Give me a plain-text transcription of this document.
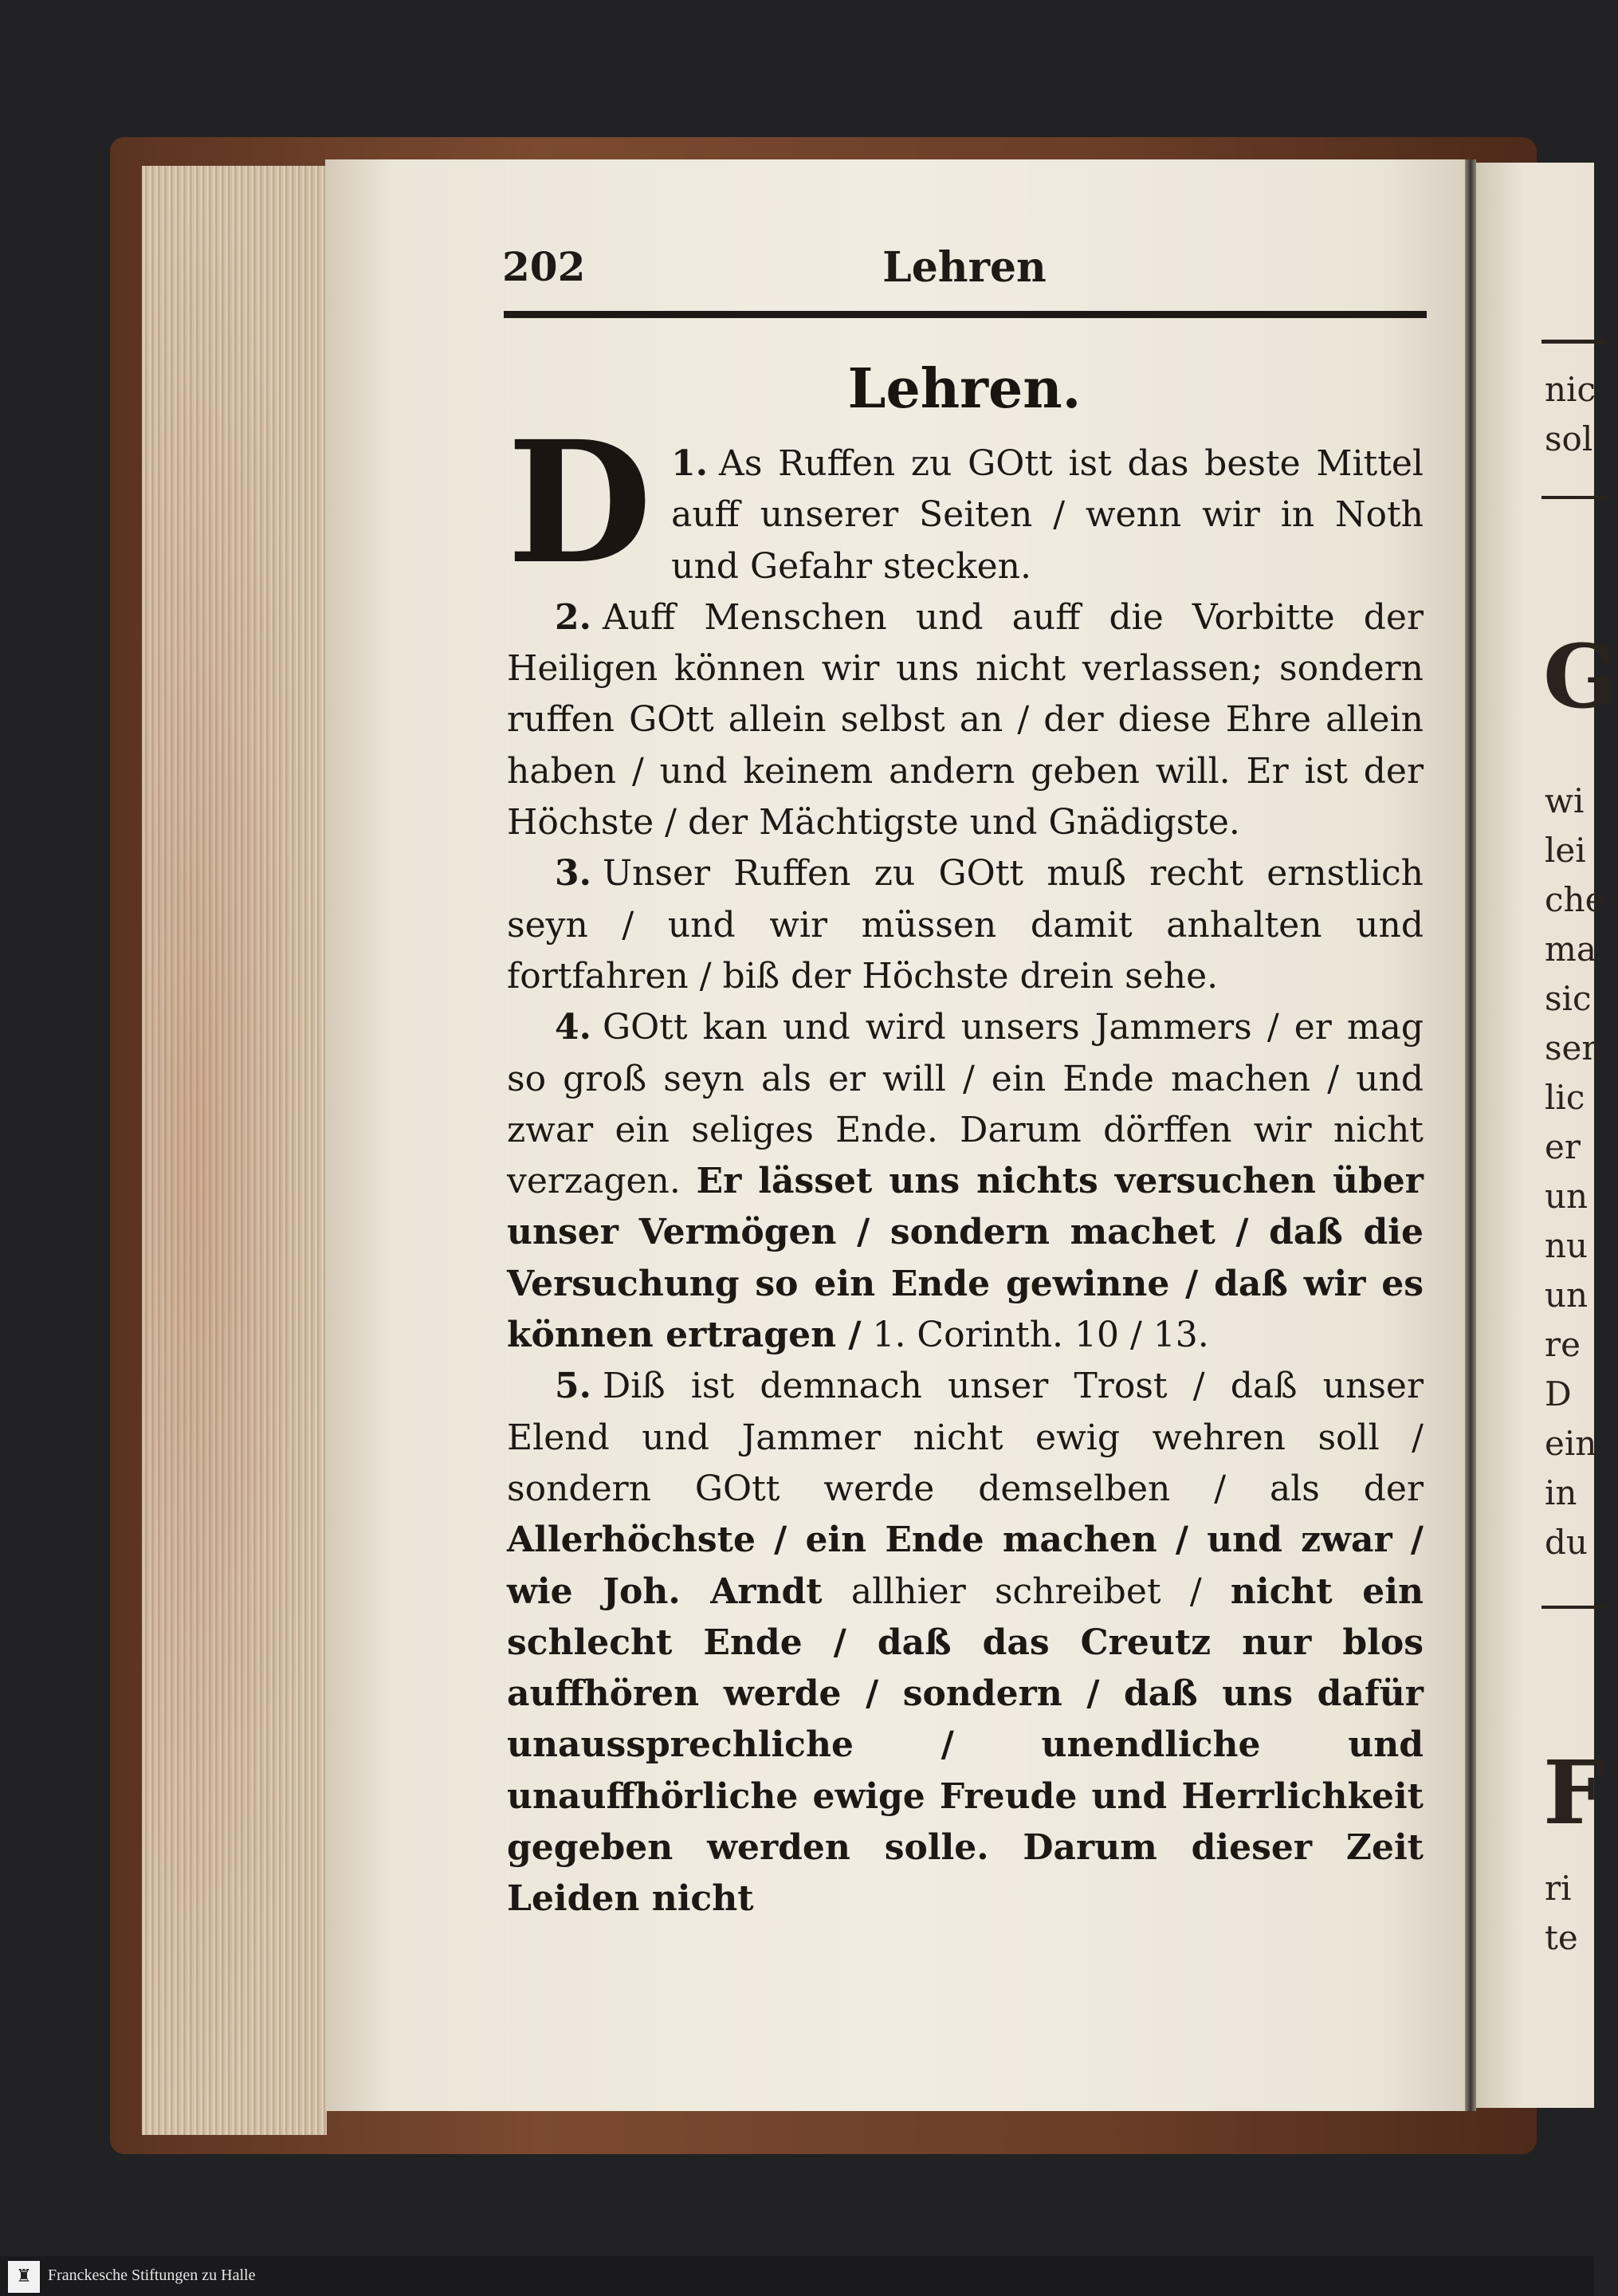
nic
sol
G
wi
lei
che
ma
sic
sen
lic
er
un
nu
un
re
D
ein
in
du
F
ri
te
202	Lehren
Lehren.

1.
D As Ruffen zu GOtt ist das beste Mittel auff unserer Seiten / wenn wir in Noth und Gefahr stecken.

2. Auff Menschen und auff die Vorbitte der Heiligen können wir uns nicht verlassen; sondern ruffen GOtt allein selbst an / der diese Ehre allein haben / und keinem andern geben will. Er ist der Höchste / der Mächtigste und Gnädigste.

3. Unser Ruffen zu GOtt muß recht ernstlich seyn / und wir müssen damit anhalten und fortfahren / biß der Höchste drein sehe.

4. GOtt kan und wird unsers Jammers / er mag so groß seyn als er will / ein Ende machen / und zwar ein seliges Ende. Darum dörffen wir nicht verzagen. Er lässet uns nichts versuchen über unser Vermögen / sondern machet / daß die Versuchung so ein Ende gewinne / daß wir es können ertragen / 1. Corinth. 10 / 13.

5. Diß ist demnach unser Trost / daß unser Elend und Jammer nicht ewig wehren soll / sondern GOtt werde demselben / als der Allerhöchste / ein Ende machen / und zwar / wie Joh. Arndt allhier schreibet / nicht ein schlecht Ende / daß das Creutz nur blos auffhören werde / sondern / daß uns dafür unaussprechliche / unendliche und unauffhörliche ewige Freude und Herrlichkeit gegeben werden solle. Darum dieser Zeit Leiden nicht

♜	Franckesche Stiftungen zu Halle
